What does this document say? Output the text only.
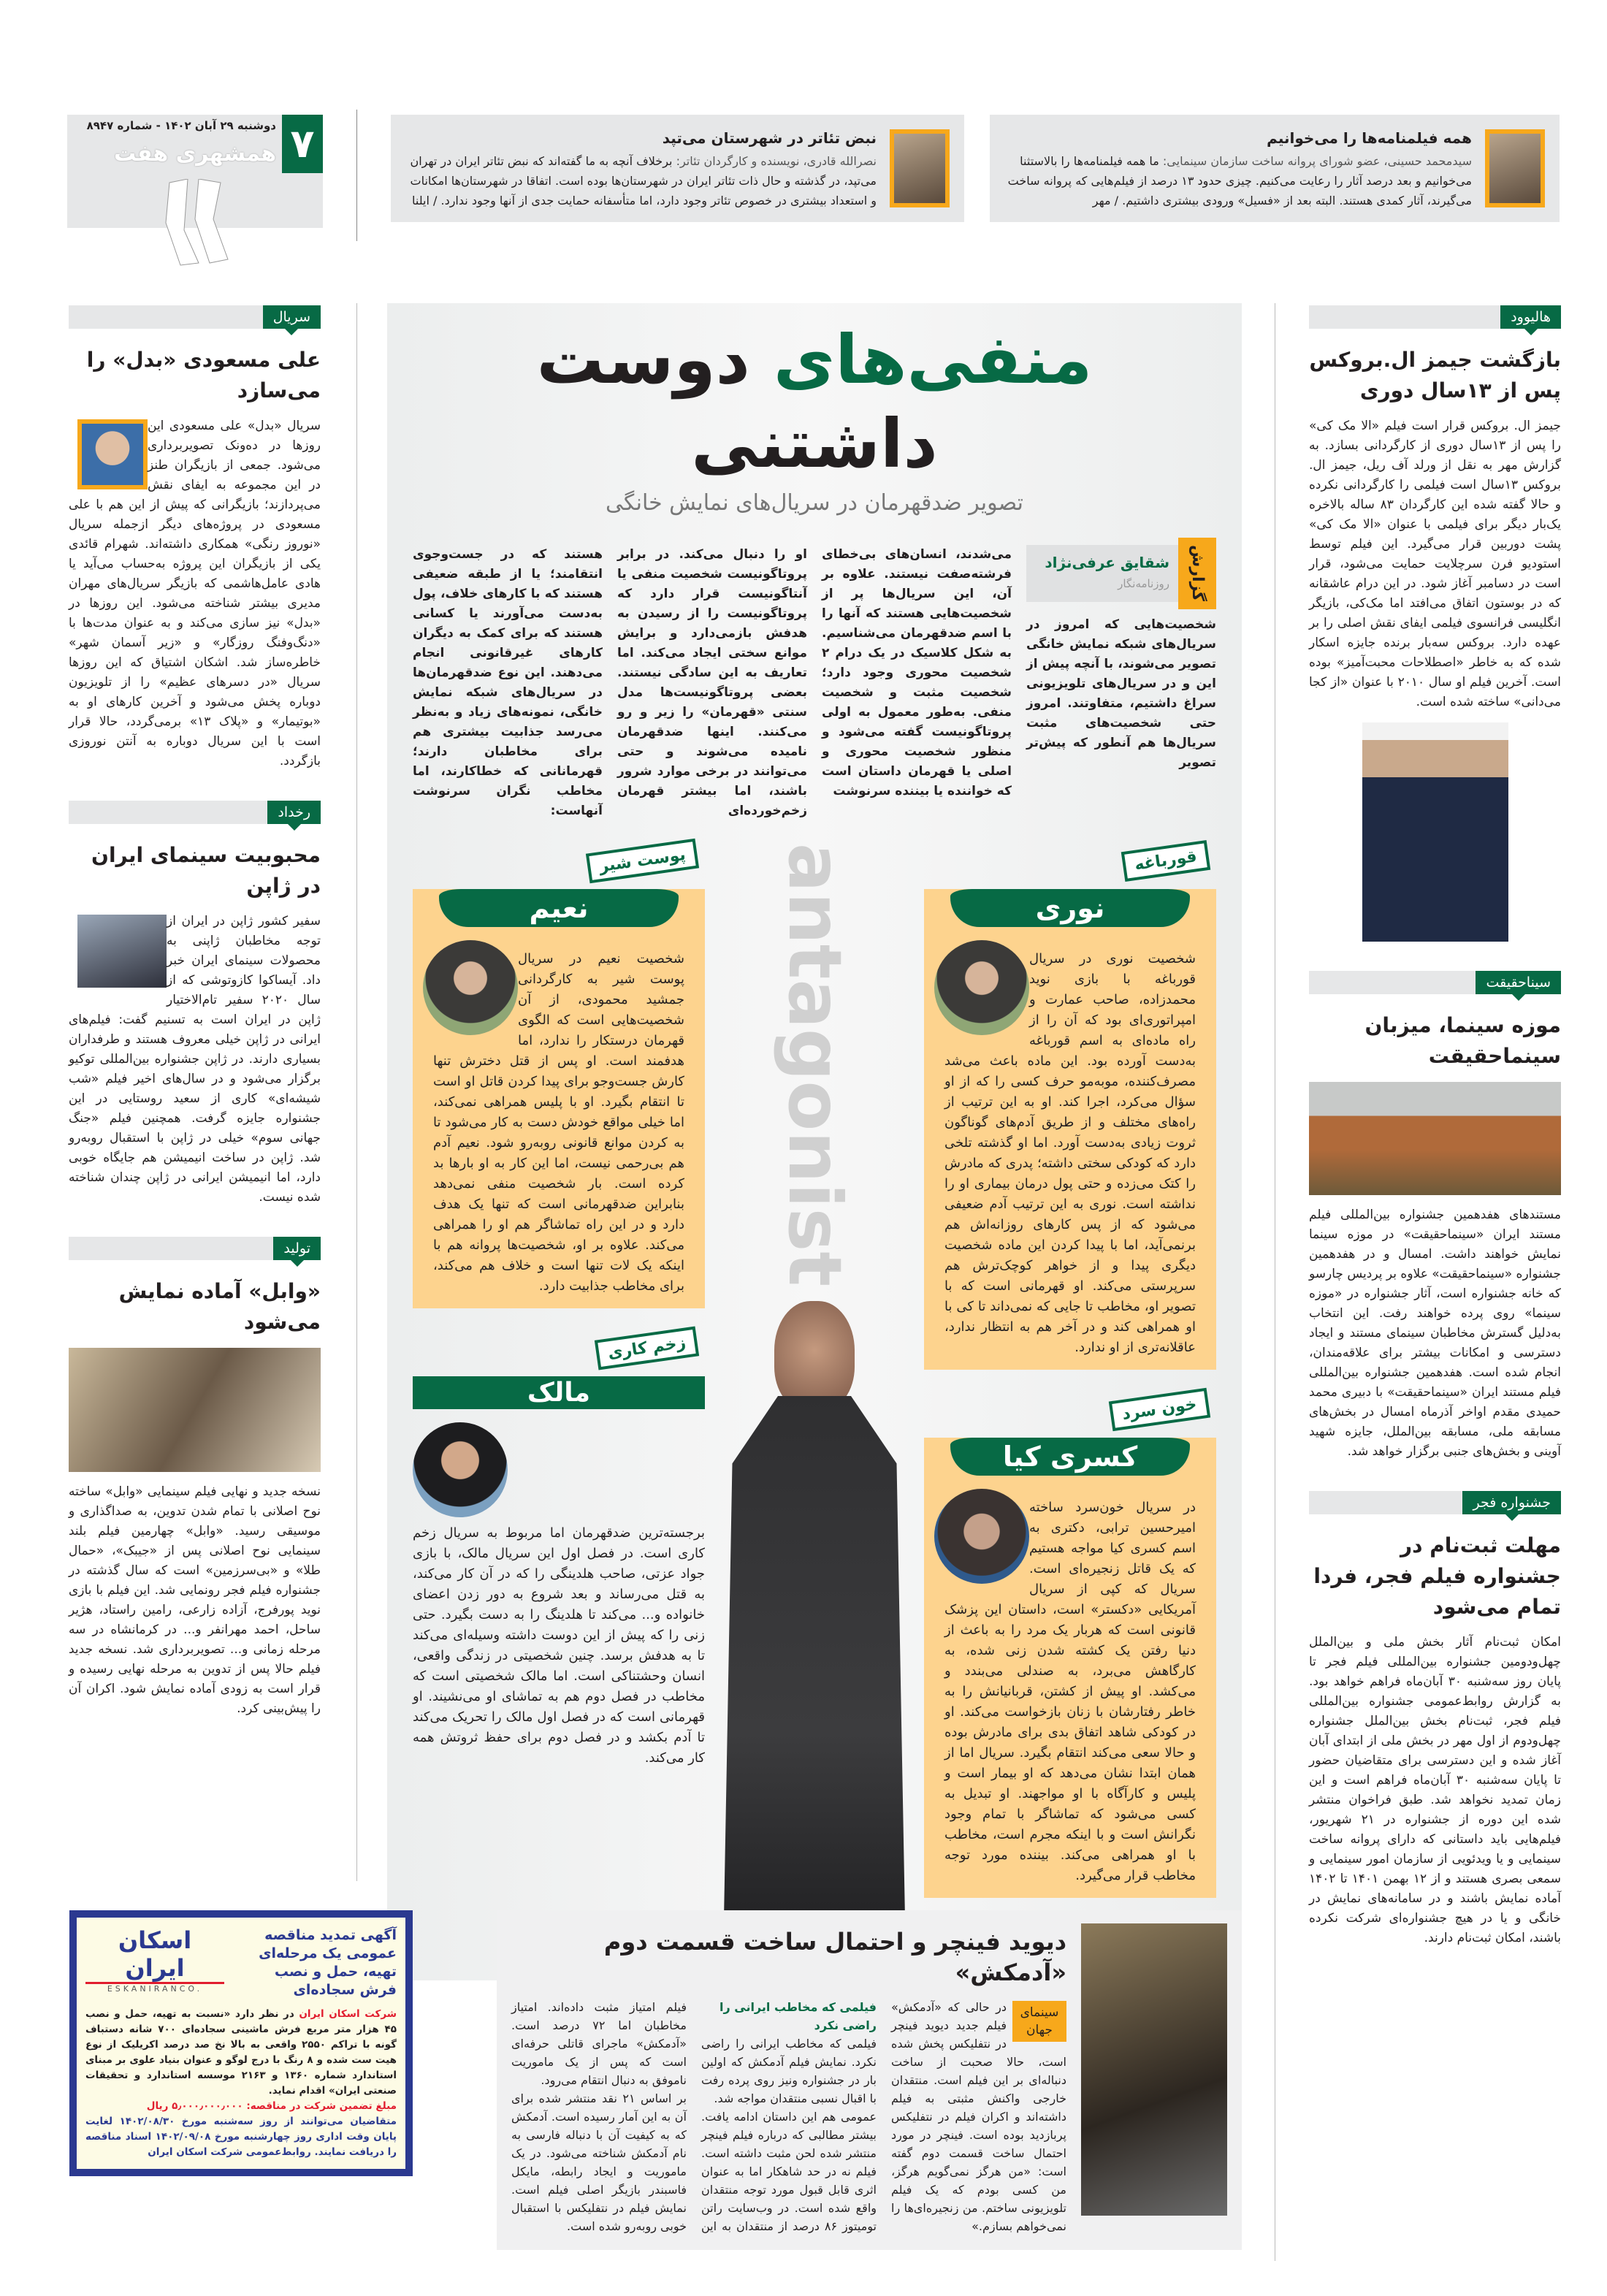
۷
دوشنبه ۲۹ آبان ۱۴۰۲ - شماره ۸۹۴۷
همشهری هفت
نبض تئاتر در شهرستان می‌تپد
نصرالله قادری، نویسنده و کارگردان تئاتر: برخلاف آنچه به ما گفته‌اند که نبض تئاتر ایران در تهران می‌تپد، در گذشته و حال ذات تئاتر ایران در شهرستان‌ها بوده است. اتفاقا در شهرستان‌ها امکانات و استعداد بیشتری در خصوص تئاتر وجود دارد، اما متأسفانه حمایت جدی از آنها وجود ندارد. / ایلنا
همه فیلمنامه‌ها را می‌خوانیم
سیدمحمد حسینی، عضو شورای پروانه ساخت سازمان سینمایی: ما همه فیلمنامه‌ها را بالاستثنا می‌خوانیم و بعد درصد آثار را رعایت می‌کنیم. چیزی حدود ۱۳ درصد از فیلم‌هایی که پروانه ساخت می‌گیرند، آثار کمدی هستند. البته بعد از «فسیل» ورودی بیشتری داشتیم. / مهر
سریال
علی مسعودی «بدل» را می‌سازد
سریال «بدل» علی مسعودی این روزها در ده‌ونک تصویربرداری می‌شود. جمعی از بازیگران طنز در این مجموعه به ایفای نقش می‌پردازند؛ بازیگرانی که پیش از این هم با علی مسعودی در پروژه‌های دیگر ازجمله سریال «نوروز رنگی» همکاری داشته‌اند. شهرام قائدی یکی از بازیگران این پروژه به‌حساب می‌آید یا هادی عامل‌هاشمی که بازیگر سریال‌های مهران مدیری بیشتر شناخته می‌شود. این روزها در «بدل» نیز سازی می‌کند و به عنوان مدت‌ها با «دنگ‌وفنگ روزگار» و «زیر آسمان شهر» خاطره‌ساز شد. اشکان اشتیاق که این روزها سریال «در دسرهای عظیم» را از تلویزیون دوباره پخش می‌شود و آخرین کارهای او به «بوتیمار» و «پلاک ۱۳» برمی‌گردد، حالا قرار است با این سریال دوباره به آنتن نوروزی بازگردد.
رخداد
محبوبیت سینمای ایران در ژاپن
سفیر کشور ژاپن در ایران از توجه مخاطبان ژاپنی به محصولات سینمای ایران خبر داد. آیساکوا کازوتوشی که از سال ۲۰۲۰ سفیر تام‌الاختیار ژاپن در ایران است به تسنیم گفت: فیلم‌های ایرانی در ژاپن خیلی معروف هستند و طرفداران بسیاری دارند. در ژاپن جشنواره بین‌المللی توکیو برگزار می‌شود و در سال‌های اخیر فیلم «شب شیشه‌ای» کاری از سعید روستایی در این جشنواره جایزه گرفت. همچنین فیلم «جنگ جهانی سوم» خیلی در ژاپن با استقبال روبه‌رو شد. ژاپن در ساخت انیمیشن هم جایگاه خوبی دارد، اما انیمیشن ایرانی در ژاپن چندان شناخته شده نیست.
تولید
«وابل» آماده نمایش می‌شود
نسخه جدید و نهایی فیلم سینمایی «وابل» ساخته نوح اصلانی با تمام شدن تدوین، به صداگذاری و موسیقی رسید. «وابل» چهارمین فیلم بلند سینمایی نوح اصلانی پس از «جیبک»، «حمال طلا» و «بی‌سرزمین» است که سال گذشته در جشنواره فیلم فجر رونمایی شد. این فیلم با بازی نوید پورفرج، آزاده زارعی، رامین راستاد، هژیر ساحل، احمد مهرانفر و... در کرمانشاه در سه مرحله زمانی و... تصویربرداری شد. نسخه جدید فیلم حالا پس از تدوین به مرحله نهایی رسیده و قرار است به زودی آماده نمایش شود. اکران آن را پیش‌بینی کرد.
هالیوود
بازگشت جیمز ال.بروکس پس از ۱۳سال دوری
جیمز ال. بروکس قرار است فیلم «الا مک کی» را پس از ۱۳سال دوری از کارگردانی بسازد. به گزارش مهر به نقل از ورلد آف ریل، جیمز ال. بروکس ۱۳سال است فیلمی را کارگردانی نکرده و حالا گفته شده این کارگردان ۸۳ ساله بالاخره یک‌بار دیگر برای فیلمی با عنوان «الا مک کی» پشت دوربین قرار می‌گیرد. این فیلم توسط استودیو فرن سرچلایت حمایت می‌شود، قرار است در دسامبر آغاز شود. در این درام عاشقانه که در بوستون اتفاق می‌افتد اما مک‌کی، بازیگر انگلیسی فرانسوی فیلمی ایفای نقش اصلی را بر عهده دارد. بروکس سه‌بار برنده جایزه اسکار شده که به خاطر «اصطلاحات محبت‌آمیز» بوده است. آخرین فیلم او سال ۲۰۱۰ با عنوان «از کجا می‌دانی» ساخته شده است.
سیناحقیقت
موزه سینما، میزبان سینماحقیقت
مستندهای هفدهمین جشنواره بین‌المللی فیلم مستند ایران «سینماحقیقت» در موزه سینما نمایش خواهند داشت. امسال و در هفدهمین جشنواره «سینماحقیقت» علاوه بر پردیس چارسو که خانه جشنواره است، آثار جشنواره در «موزه سینما» روی پرده خواهند رفت. این انتخاب به‌دلیل گسترش مخاطبان سینمای مستند و ایجاد دسترسی و امکانات بیشتر برای علاقه‌مندان، انجام شده است. هفدهمین جشنواره بین‌المللی فیلم مستند ایران «سینماحقیقت» با دبیری محمد حمیدی مقدم اواخر آذرماه امسال در بخش‌های مسابقه ملی، مسابقه بین‌الملل، جایزه شهید آوینی و بخش‌های جنبی برگزار خواهد شد.
جشنواره فجر
مهلت ثبت‌نام در جشنواره فیلم فجر، فردا تمام می‌شود
امکان ثبت‌نام آثار بخش ملی و بین‌الملل چهل‌ودومین جشنواره بین‌المللی فیلم فجر تا پایان روز سه‌شنبه ۳۰ آبان‌ماه فراهم خواهد بود. به گزارش روابط‌عمومی جشنواره بین‌المللی فیلم فجر، ثبت‌نام بخش بین‌الملل جشنواره چهل‌ودوم از اول مهر در بخش ملی از ابتدای آبان آغاز شده و این دسترسی برای متقاضیان حضور تا پایان سه‌شنبه ۳۰ آبان‌ماه فراهم است و این زمان تمدید نخواهد شد. طبق فراخوان منتشر شده این دوره از جشنواره در ۲۱ شهریور، فیلم‌هایی باید داستانی که دارای پروانه ساخت سینمایی و یا ویدئویی از سازمان امور سینمایی و سمعی بصری هستند و از ۱۲ بهمن ۱۴۰۱ تا ۱۴۰۲ آماده نمایش باشند و در سامانه‌های نمایش در خانگی و یا در هیچ جشنواره‌ای شرکت نکرده باشند، امکان ثبت‌نام دارند.
منفی‌های دوست داشتنی
تصویر ضدقهرمان در سریال‌های نمایش خانگی
گزارش
شقایق عرفی‌نژاد
روزنامه‌نگار
شخصیت‌هایی که امروز در سریال‌های شبکه نمایش خانگی تصویر می‌شوند، با آنچه پیش از این و در سریال‌های تلویزیونی سراغ داشتیم، متفاوتند. امروز حتی شخصیت‌های مثبت سریال‌ها هم آنطور که پیش‌تر تصویر
می‌شدند، انسان‌های بی‌خطای فرشته‌صفت نیستند. علاوه بر آن، این سریال‌ها پر از شخصیت‌هایی هستند که آنها را با اسم ضدقهرمان می‌شناسیم. به شکل کلاسیک در یک درام ۲ شخصیت محوری وجود دارد؛ شخصیت مثبت و شخصیت منفی. به‌طور معمول به اولی پروتاگونیست گفته می‌شود و منظور شخصیت محوری و اصلی یا قهرمان داستان است که خواننده یا بیننده سرنوشت
او را دنبال می‌کند. در برابر پروتاگونیست شخصیت منفی یا آنتاگونیست قرار دارد که پروتاگونیست را از رسیدن به هدفش بازمی‌دارد و برایش موانع سختی ایجاد می‌کند. اما تعاریف به این سادگی نیستند. بعضی پروتاگونیست‌ها مدل سنتی «قهرمان» را زیر و رو می‌کنند. اینها ضدقهرمان نامیده می‌شوند و حتی می‌توانند در برخی موارد شرور باشند، اما بیشتر قهرمان زخم‌خورده‌ای
هستند که در جست‌وجوی انتقامند؛ یا از طبقه ضعیفی هستند که با کارهای خلاف، پول به‌دست می‌آورند یا کسانی هستند که برای کمک به دیگران کارهای غیرقانونی انجام می‌دهند. این نوع ضدقهرمان‌ها در سریال‌های شبکه نمایش خانگی، نمونه‌های زیاد و به‌نظر می‌رسد جذابیت بیشتری هم برای مخاطبان دارند؛ قهرمانانی که خطاکارند، اما مخاطب نگران سرنوشت آنهاست:
قورباغه
نوری
شخصیت نوری در سریال قورباغه با بازی نوید محمدزاده، صاحب عمارت و امپراتوری‌ای بود که آن را از راه ماده‌ای به اسم قورباغه به‌دست آورده بود. این ماده باعث می‌شد مصرف‌کننده، موبه‌مو حرف کسی را که از او سؤال می‌کرد، اجرا کند. او به این ترتیب از راه‌های مختلف و از طریق آدم‌های گوناگون ثروت زیادی به‌دست آورد. اما او گذشته تلخی دارد که کودکی سختی داشته؛ پدری که مادرش را کتک می‌زده و حتی پول درمان بیماری او را نداشته است. نوری به این ترتیب آدم ضعیفی می‌شود که از پس کارهای روزانه‌اش هم برنمی‌آید، اما با پیدا کردن این ماده شخصیت دیگری پیدا و از خواهر کوچک‌ترش هم سرپرستی می‌کند. او قهرمانی است که با تصویر او، مخاطب تا جایی که نمی‌داند تا کی با او همراهی کند و در آخر هم به انتظار ندارد، عاقلانه‌تری از او ندارد.
خون سرد
کسری کیا
در سریال خون‌سرد ساخته امیرحسین ترابی، دکتری به اسم کسری کیا مواجه هستیم که یک قاتل زنجیره‌ای است. سریال که کپی از سریال آمریکایی «دکستر» است، داستان این پزشک قانونی است که هربار یک مرد را به باعث از دنیا رفتن یک کشته شدن زنی شده، به کارگاهش می‌برد، به صندلی می‌بندد و می‌کشد. او پیش از کشتن، قربانیانش را به خاطر رفتارشان با زنان بازخواست می‌کند. او در کودکی شاهد اتفاق بدی برای مادرش بوده و حالا سعی می‌کند انتقام بگیرد. سریال اما از همان ابتدا نشان می‌دهد که او بیمار است و پلیس و کارآگاه با او مواجهند. او تبدیل به کسی می‌شود که تماشاگر با تمام وجود نگرانش است و با اینکه مجرم است، مخاطب با او همراهی می‌کند. بیننده مورد توجه مخاطب قرار می‌گیرد.
antagonist
پوست شیر
نعیم
شخصیت نعیم در سریال پوست شیر به کارگردانی جمشید محمودی، از آن شخصیت‌هایی است که الگوی قهرمان درستکار را ندارد، اما هدفمند است. او پس از قتل دخترش تنها کارش جست‌وجو برای پیدا کردن قاتل او است تا انتقام بگیرد. او با پلیس همراهی نمی‌کند، اما خیلی مواقع خودش دست به کار می‌شود تا به کردن موانع قانونی روبه‌رو شود. نعیم آدم هم بی‌رحمی نیست، اما این کار به او بارها بد کرده است. بار شخصیت منفی نمی‌دهد بنابراین ضدقهرمانی است که تنها یک هدف دارد و در این راه تماشاگر هم او را همراهی می‌کند. علاوه بر او، شخصیت‌ها پروانه هم با اینکه یک لات تنها است و خلاف هم می‌کند، برای مخاطب جذابیت دارد.
زخم کاری
مالک
برجسته‌ترین ضدقهرمان اما مربوط به سریال زخم کاری است. در فصل اول این سریال مالک، با بازی جواد عزتی، صاحب هلدینگی را که در آن کار می‌کند، به قتل می‌رساند و بعد شروع به دور زدن اعضای خانواده و... می‌کند تا هلدینگ را به دست بگیرد. حتی زنی را که پیش از این دوست داشته وسیله‌ای می‌کند تا به هدفش برسد. چنین شخصیتی در زندگی واقعی، انسان وحشتناکی است. اما مالک شخصیتی است که مخاطب در فصل دوم هم به تماشای او می‌نشیند. او قهرمانی است که در فصل اول مالک را تحریک می‌کند تا آدم بکشد و در فصل دوم برای حفظ ثروتش همه کار می‌کند.
دیوید فینچر و احتمال ساخت قسمت دوم «آدمکش»
سینمای جهان
در حالی که «آدمکش» فیلم جدید دیوید فینچر در نتفلیکس پخش شده است، حالا صحبت از ساخت دنباله‌ای بر این فیلم است. منتقدان خارجی واکنش مثبتی به فیلم داشته‌اند و اکران فیلم در نتفلیکس پربازدید بوده است. فینچر در مورد احتمال ساخت قسمت دوم گفته است: «من هرگز نمی‌گویم هرگز، من کسی بودم که یک فیلم تلویزیونی ساختم. من زنجیره‌ای‌ها را نمی‌خواهم بسازم.»
فیلمی که مخاطب ایرانی را راضی نکرد
فیلمی که مخاطب ایرانی را راضی نکرد. نمایش فیلم آدمکش که اولین بار در جشنواره ونیز روی پرده رفت با اقبال نسبی منتقدان مواجه شد.
عمومی هم این داستان ادامه یافت. بیشتر مطالبی که درباره فیلم فینچر منتشر شده لحن مثبت داشته است. فیلم نه در حد شاهکار اما به عنوان اثری قابل قبول مورد توجه منتقدان واقع شده است. در وب‌سایت راتن تومیتوز ۸۶ درصد از منتقدان به این فیلم امتیاز مثبت داده‌اند. امتیاز مخاطبان اما ۷۲ درصد است. «آدمکش» ماجرای قاتلی حرفه‌ای است که پس از یک ماموریت ناموفق به دنبال انتقام می‌رود.
بر اساس ۲۱ نقد منتشر شده برای آن به این آمار رسیده است. آدمکش که به کیفیت آن با دنباله فارسی به نام آدمکش شناخته می‌شود. در یک ماموریت و ایجاد رابطه، مایکل فاسبندر بازیگر اصلی فیلم است. نمایش فیلم در نتفلیکس با استقبال خوبی روبه‌رو شده است.
آگهی تمدید مناقصه عمومی یک مرحله‌ای تهیه، حمل و نصب فرش سجاده‌ای
اسکان ایران
ESKANIRANCO.
شرکت اسکان ایران در نظر دارد «نسبت به تهیه، حمل و نصب ۴۵ هزار متر مربع فرش ماشینی سجاده‌ای ۷۰۰ شانه دستباف گونه با تراکم ۲۵۵۰ واقعی به بالا نخ صد درصد اکریلیک از نوع هیت ست شده و ۸ رنگ با درج لوگو و عنوان بنیاد علوی بر مبنای استاندارد شماره ۱۳۶۰ و ۲۱۶۳ موسسه استاندارد و تحقیقات صنعتی ایران» اقدام نماید.
مبلغ تضمین شرکت در مناقصه: ۵٫۰۰۰٫۰۰۰٫۰۰۰ ریال
متقاضیان می‌توانند از روز سه‌شنبه مورخ ۱۴۰۲/۰۸/۳۰ لغایت پایان وقت اداری روز چهارشنبه مورخ ۱۴۰۲/۰۹/۰۸ اسناد مناقصه را دریافت نمایند. روابط‌عمومی شرکت اسکان ایران
